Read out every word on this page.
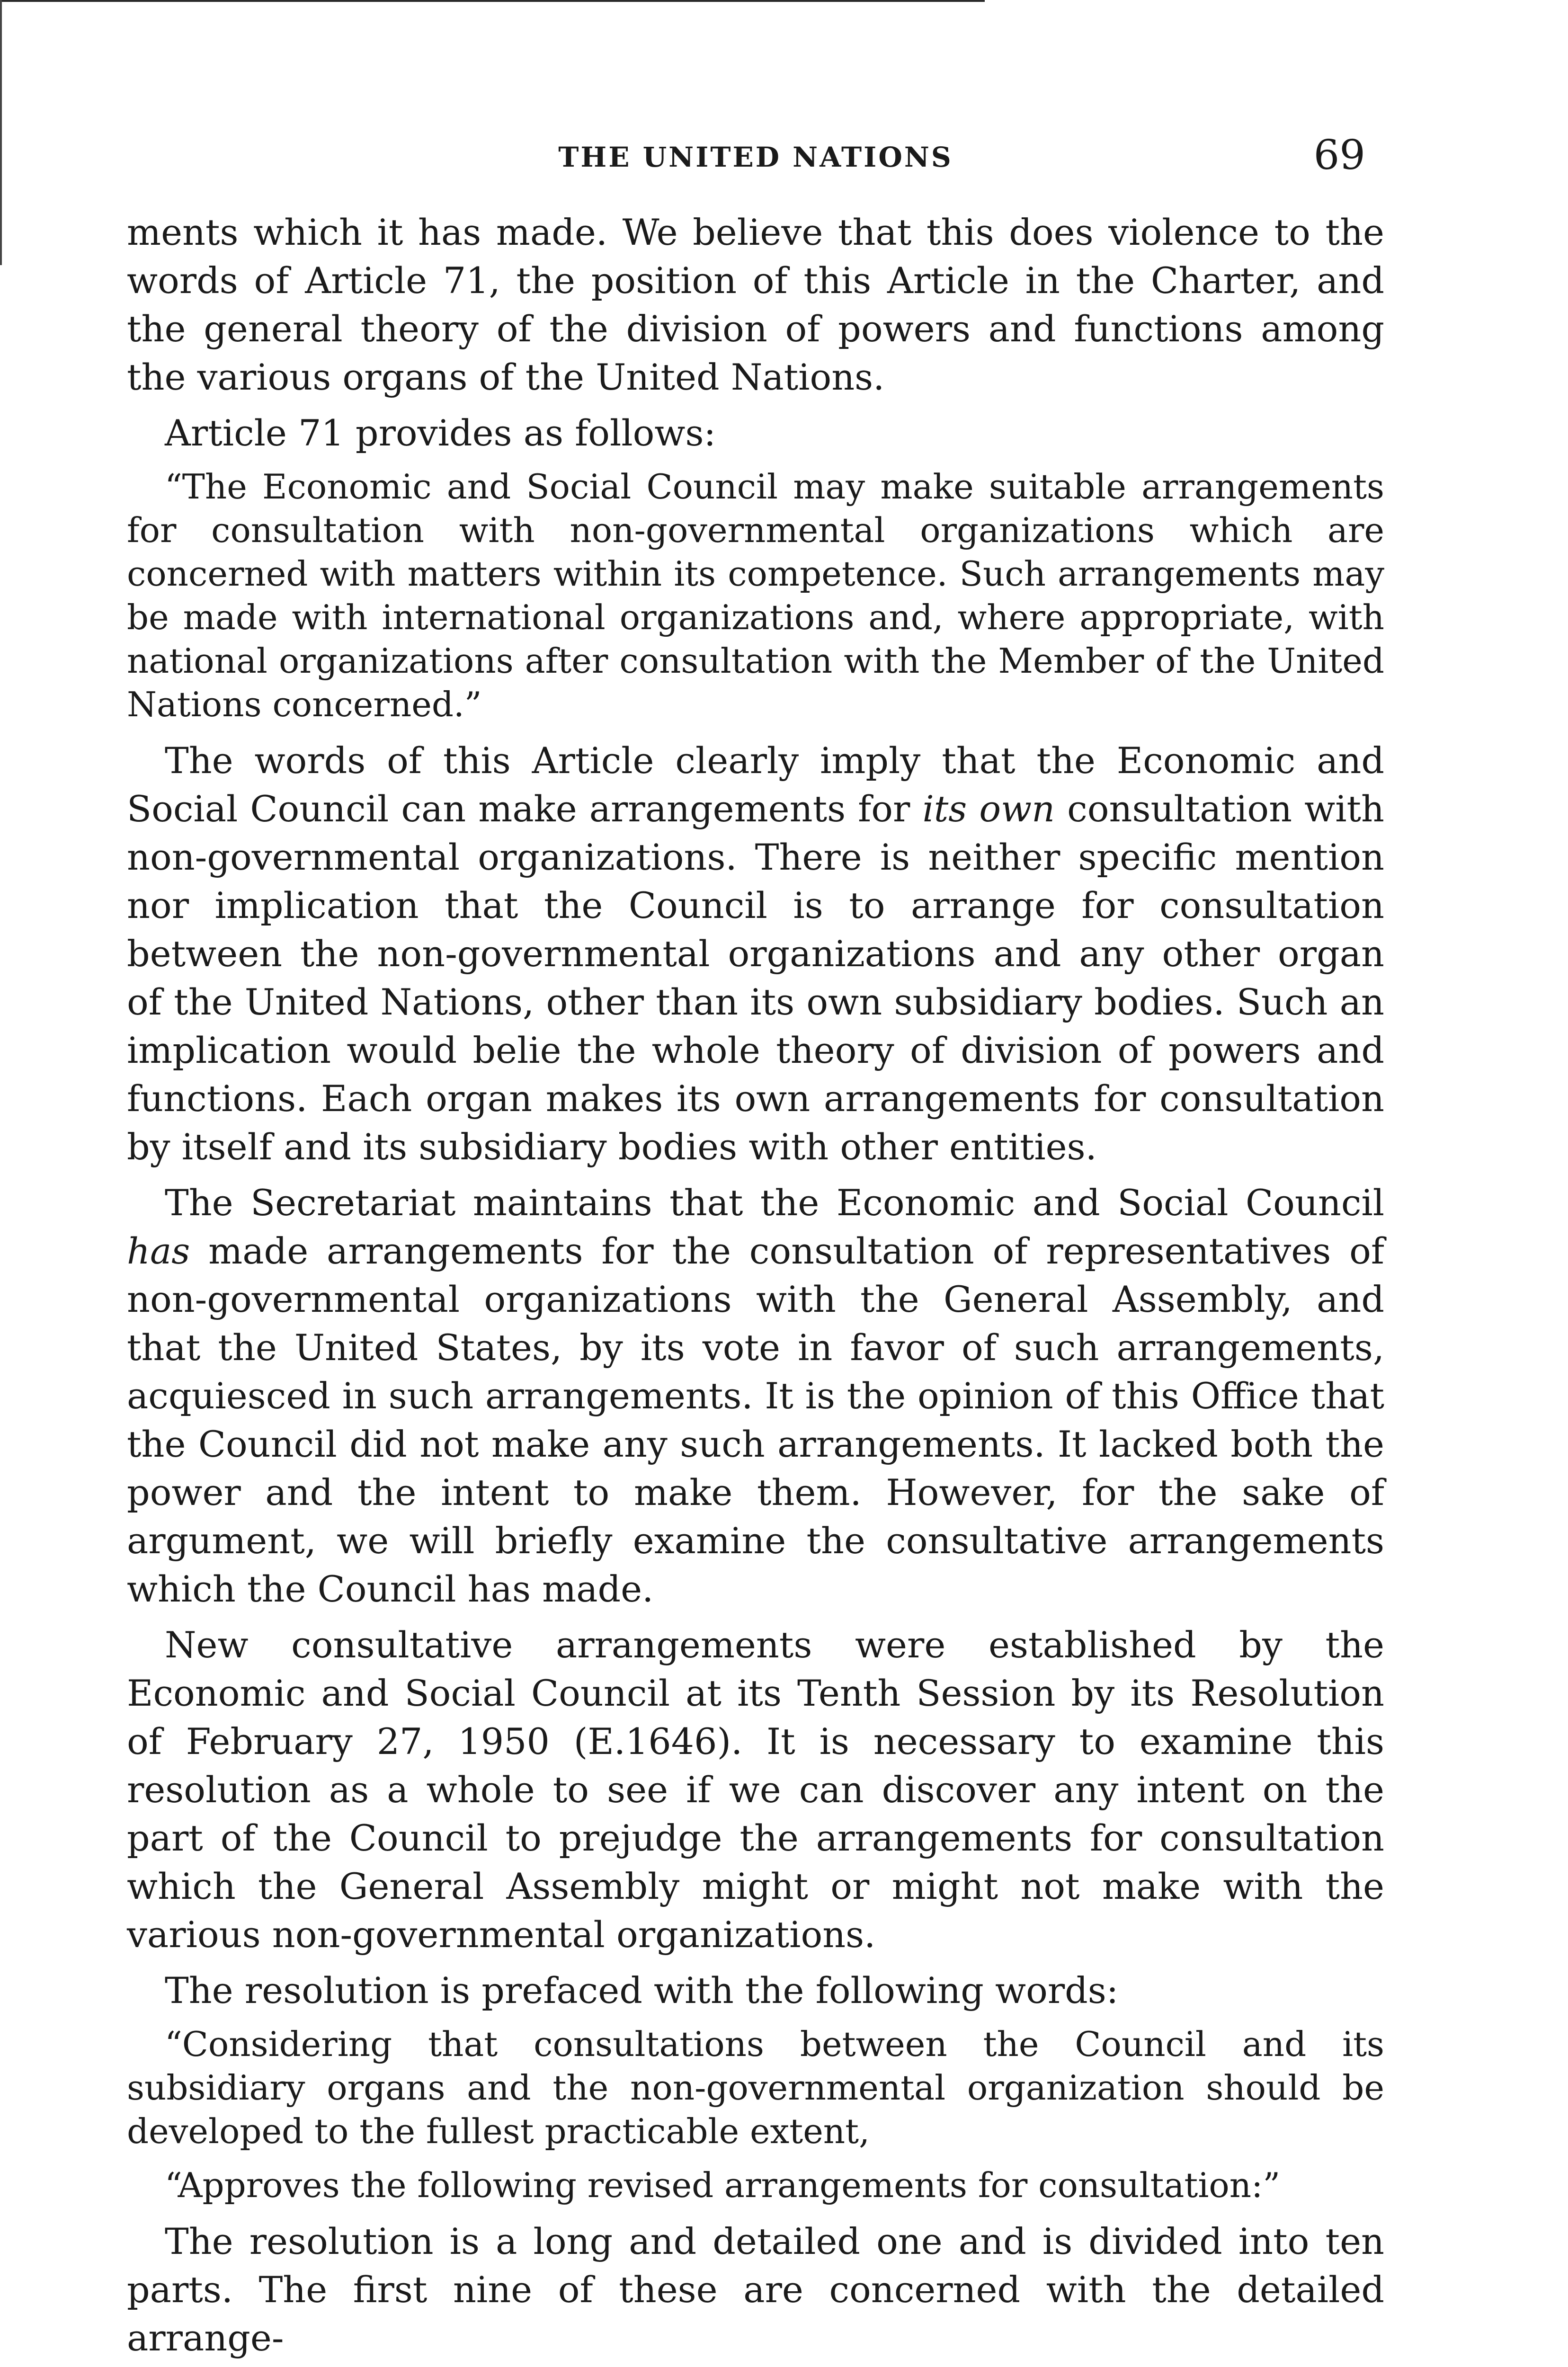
THE UNITED NATIONS	69

ments which it has made. We believe that this does violence to the words of Article 71, the position of this Article in the Charter, and the general theory of the division of powers and functions among the various organs of the United Nations.

Article 71 provides as follows:

“The Economic and Social Council may make suitable arrangements for consultation with non-governmental organizations which are concerned with matters within its competence. Such arrangements may be made with international organizations and, where appropriate, with national organizations after consultation with the Member of the United Nations concerned.”

The words of this Article clearly imply that the Economic and Social Council can make arrangements for its own consultation with non-governmental organizations. There is neither specific mention nor implication that the Council is to arrange for consultation between the non-governmental organizations and any other organ of the United Nations, other than its own subsidiary bodies. Such an implication would belie the whole theory of division of powers and functions. Each organ makes its own arrangements for consultation by itself and its subsidiary bodies with other entities.

The Secretariat maintains that the Economic and Social Council has made arrangements for the consultation of representatives of non-governmental organizations with the General Assembly, and that the United States, by its vote in favor of such arrangements, acquiesced in such arrangements. It is the opinion of this Office that the Council did not make any such arrangements. It lacked both the power and the intent to make them. However, for the sake of argument, we will briefly examine the consultative arrangements which the Council has made.

New consultative arrangements were established by the Economic and Social Council at its Tenth Session by its Resolution of February 27, 1950 (E.1646). It is necessary to examine this resolution as a whole to see if we can discover any intent on the part of the Council to prejudge the arrangements for consultation which the General Assembly might or might not make with the various non-governmental organizations.

The resolution is prefaced with the following words:

“Considering that consultations between the Council and its subsidiary organs and the non-governmental organization should be developed to the fullest practicable extent,
“Approves the following revised arrangements for consultation:”

The resolution is a long and detailed one and is divided into ten parts. The first nine of these are concerned with the detailed arrange-
